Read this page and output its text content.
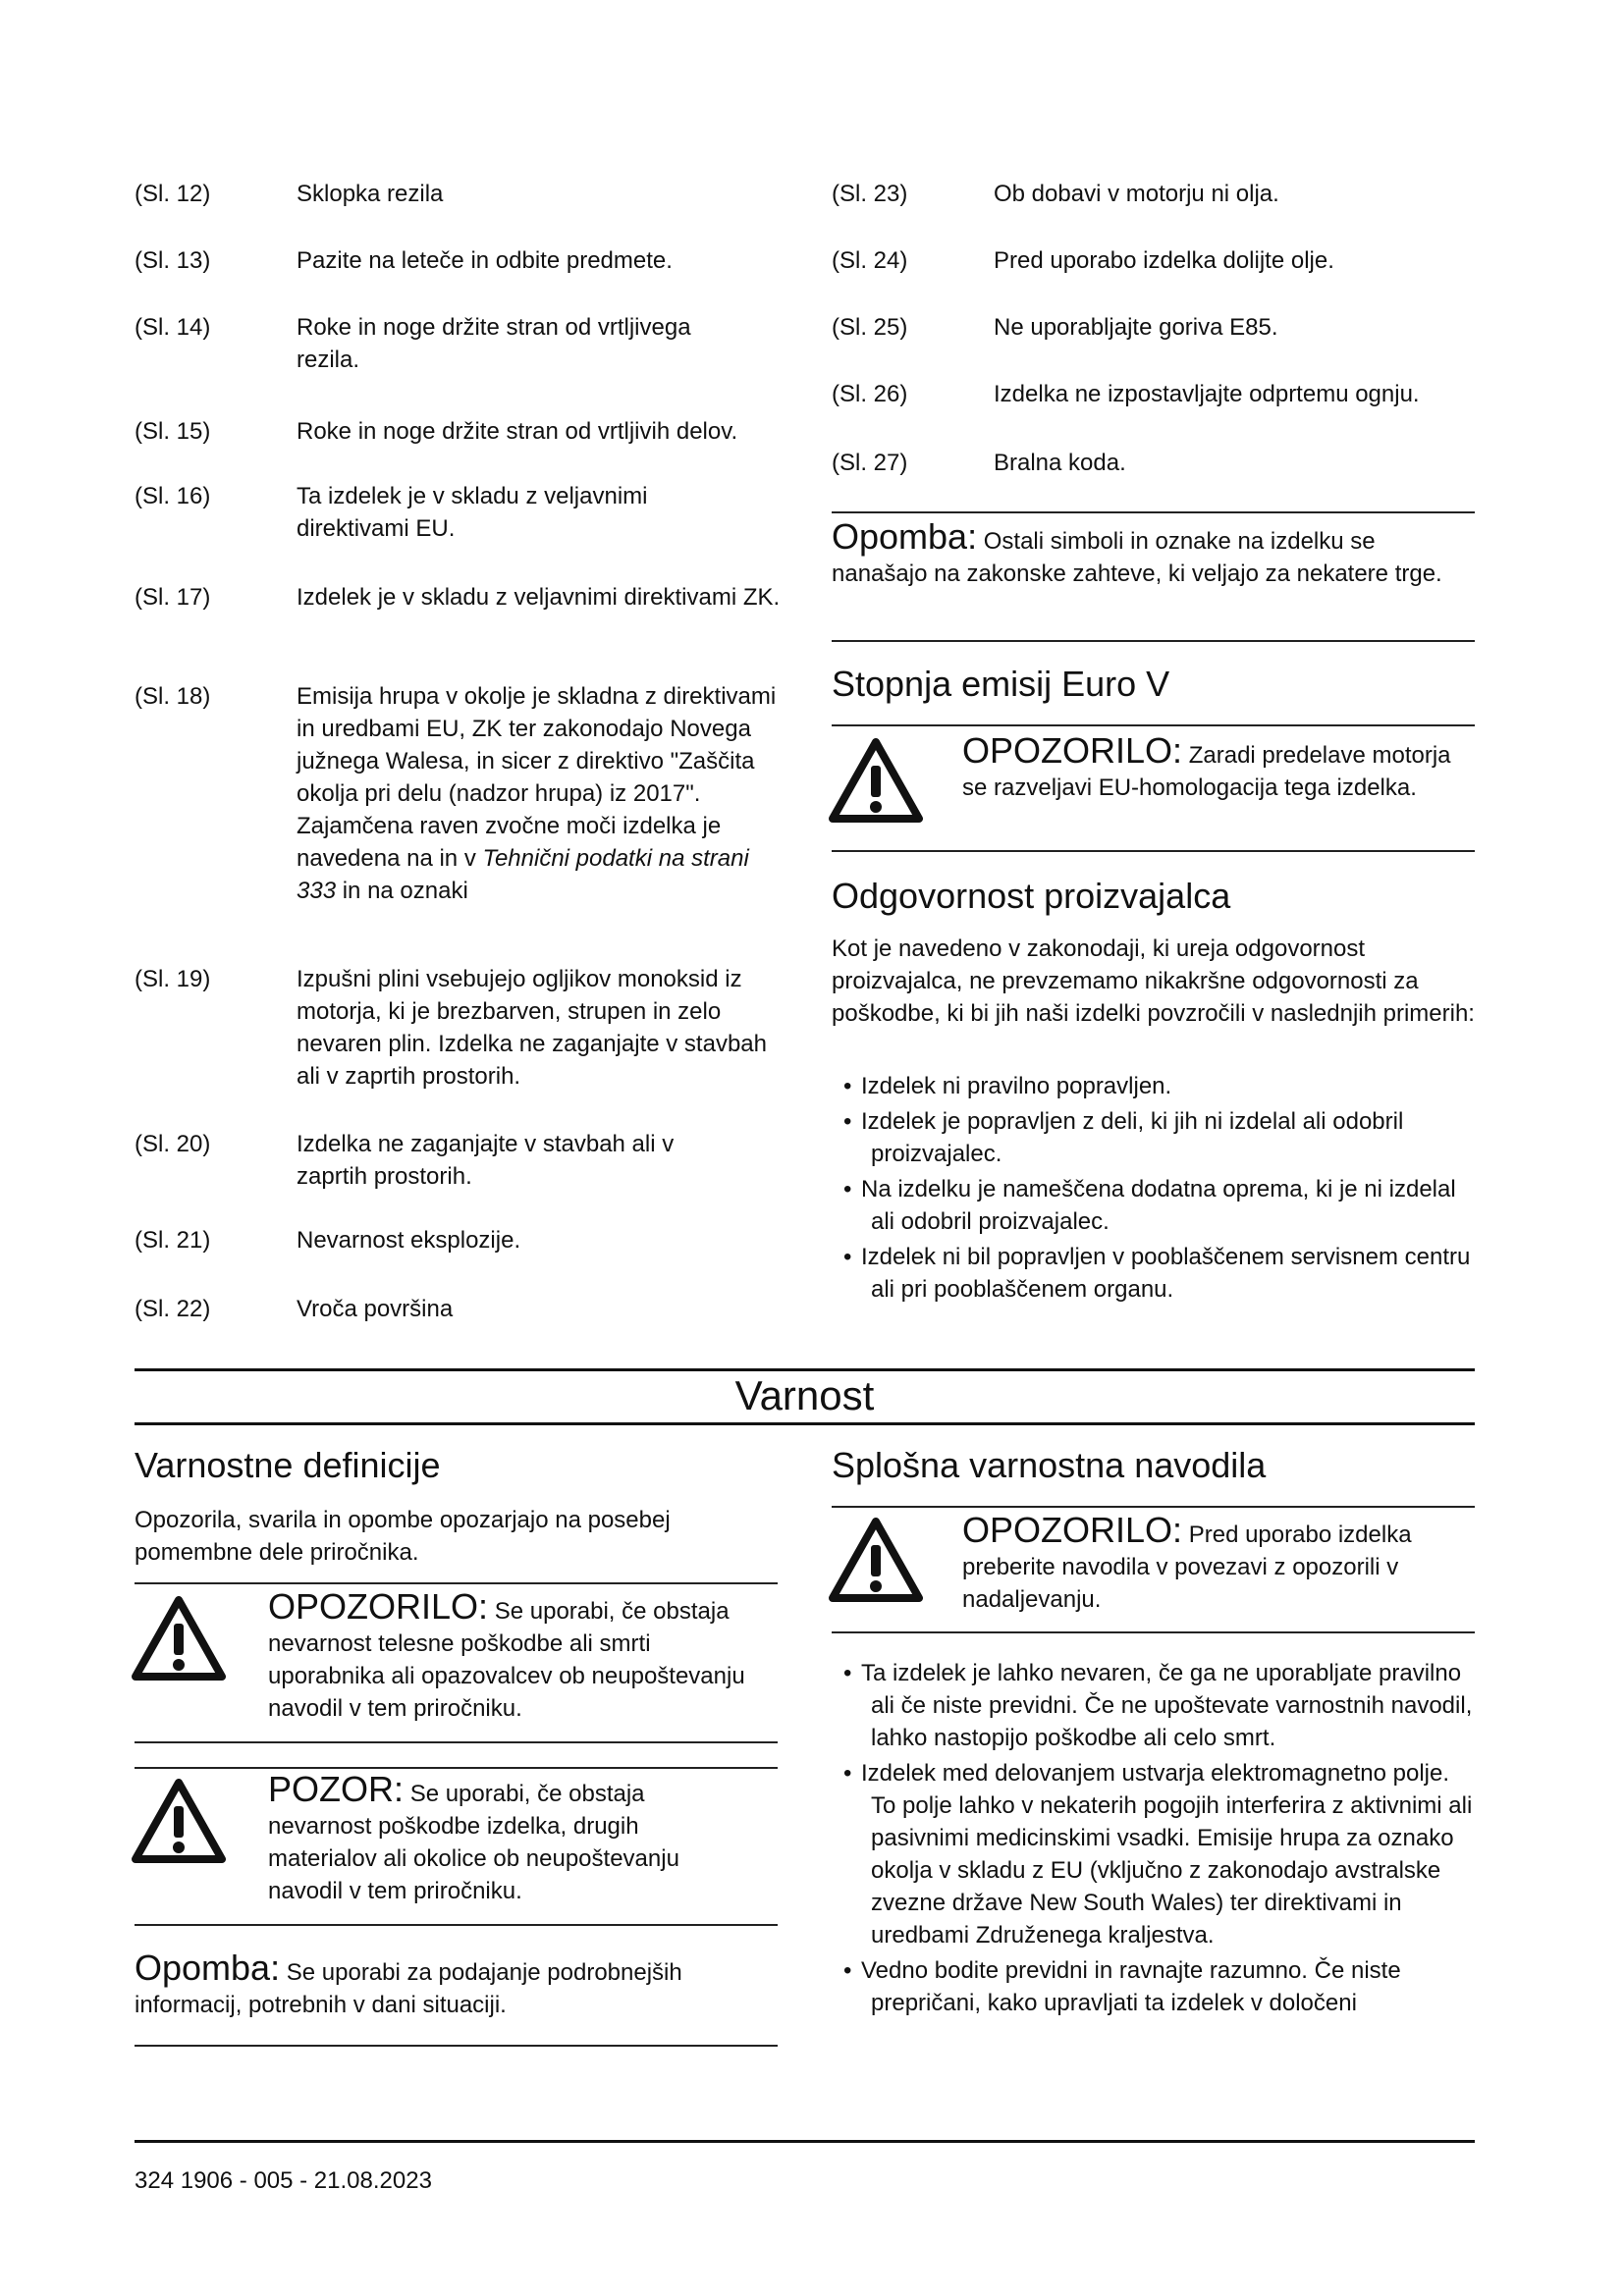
(Sl. 12)	Sklopka rezila
(Sl. 13)	Pazite na leteče in odbite predmete.
(Sl. 14)	Roke in noge držite stran od vrtljivega rezila.
(Sl. 15)	Roke in noge držite stran od vrtljivih delov.
(Sl. 16)	Ta izdelek je v skladu z veljavnimi direktivami EU.
(Sl. 17)	Izdelek je v skladu z veljavnimi direktivami ZK.
(Sl. 18)	Emisija hrupa v okolje je skladna z direktivami in uredbami EU, ZK ter zakonodajo Novega južnega Walesa, in sicer z direktivo "Zaščita okolja pri delu (nadzor hrupa) iz 2017". Zajamčena raven zvočne moči izdelka je navedena na in v Tehnični podatki na strani 333 in na oznaki
(Sl. 19)	Izpušni plini vsebujejo ogljikov monoksid iz motorja, ki je brezbarven, strupen in zelo nevaren plin. Izdelka ne zaganjajte v stavbah ali v zaprtih prostorih.
(Sl. 20)	Izdelka ne zaganjajte v stavbah ali v zaprtih prostorih.
(Sl. 21)	Nevarnost eksplozije.
(Sl. 22)	Vroča površina
(Sl. 23)	Ob dobavi v motorju ni olja.
(Sl. 24)	Pred uporabo izdelka dolijte olje.
(Sl. 25)	Ne uporabljajte goriva E85.
(Sl. 26)	Izdelka ne izpostavljajte odprtemu ognju.
(Sl. 27)	Bralna koda.

Opomba: Ostali simboli in oznake na izdelku se nanašajo na zakonske zahteve, ki veljajo za nekatere trge.

Stopnja emisij Euro V
OPOZORILO: Zaradi predelave motorja se razveljavi EU-homologacija tega izdelka.
Odgovornost proizvajalca

Kot je navedeno v zakonodaji, ki ureja odgovornost proizvajalca, ne prevzemamo nikakršne odgovornosti za poškodbe, ki bi jih naši izdelki povzročili v naslednjih primerih:

• Izdelek ni pravilno popravljen.
• Izdelek je popravljen z deli, ki jih ni izdelal ali odobril proizvajalec.
• Na izdelku je nameščena dodatna oprema, ki je ni izdelal ali odobril proizvajalec.
• Izdelek ni bil popravljen v pooblaščenem servisnem centru ali pri pooblaščenem organu.
Varnost
Varnostne definicije

Opozorila, svarila in opombe opozarjajo na posebej pomembne dele priročnika.

OPOZORILO: Se uporabi, če obstaja nevarnost telesne poškodbe ali smrti uporabnika ali opazovalcev ob neupoštevanju navodil v tem priročniku.
POZOR: Se uporabi, če obstaja nevarnost poškodbe izdelka, drugih materialov ali okolice ob neupoštevanju navodil v tem priročniku.

Opomba: Se uporabi za podajanje podrobnejših informacij, potrebnih v dani situaciji.

Splošna varnostna navodila
OPOZORILO: Pred uporabo izdelka preberite navodila v povezavi z opozorili v nadaljevanju.
• Ta izdelek je lahko nevaren, če ga ne uporabljate pravilno ali če niste previdni. Če ne upoštevate varnostnih navodil, lahko nastopijo poškodbe ali celo smrt.
• Izdelek med delovanjem ustvarja elektromagnetno polje. To polje lahko v nekaterih pogojih interferira z aktivnimi ali pasivnimi medicinskimi vsadki. Emisije hrupa za oznako okolja v skladu z EU (vključno z zakonodajo avstralske zvezne države New South Wales) ter direktivami in uredbami Združenega kraljestva.
• Vedno bodite previdni in ravnajte razumno. Če niste prepričani, kako upravljati ta izdelek v določeni
324 1906 - 005 - 21.08.2023
